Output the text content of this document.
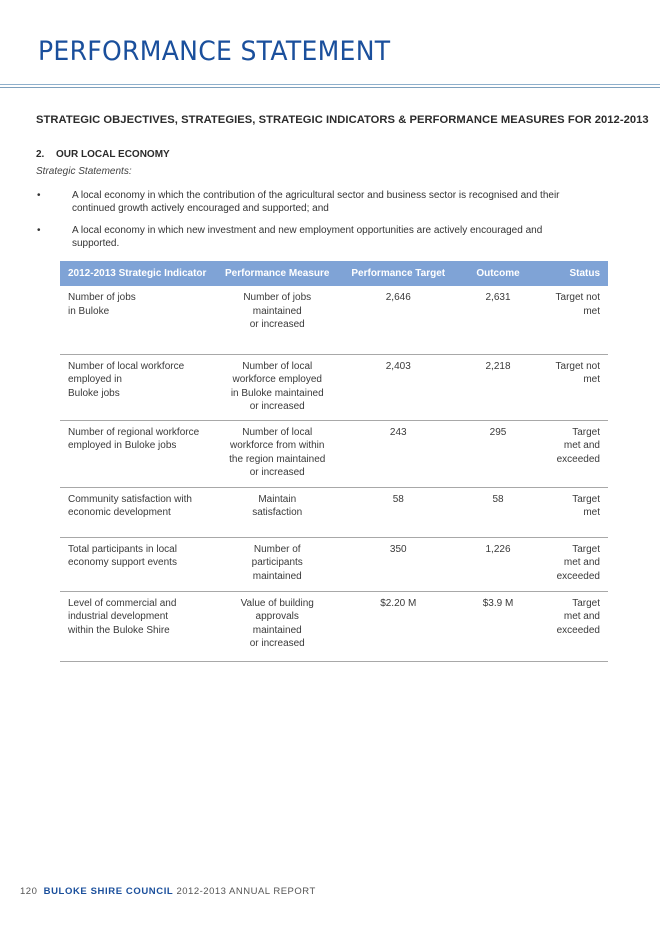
PERFORMANCE STATEMENT
STRATEGIC OBJECTIVES, STRATEGIES, STRATEGIC INDICATORS & PERFORMANCE MEASURES FOR 2012-2013
2. OUR LOCAL ECONOMY

Strategic Statements:

•	A local economy in which the contribution of the agricultural sector and business sector is recognised and their
continued growth actively encouraged and supported; and
•	A local economy in which new investment and new employment opportunities are actively encouraged and
supported.
2012-2013 Strategic Indicator	Performance Measure	Performance Target	Outcome	Status

Number of jobs
in Buloke	Number of jobs
maintained
or increased	2,646	2,631	Target not
met

Number of local workforce
employed in
Buloke jobs	Number of local
workforce employed
in Buloke maintained
or increased	2,403	2,218	Target not
met

Number of regional workforce
employed in Buloke jobs	Number of local
workforce from within
the region maintained
or increased	243	295	Target
met and
exceeded

Community satisfaction with
economic development	Maintain
satisfaction	58	58	Target
met

Total participants in local
economy support events	Number of
participants
maintained	350	1,226	Target
met and
exceeded

Level of commercial and
industrial development
within the Buloke Shire	Value of building
approvals
maintained
or increased	$2.20 M	$3.9 M	Target
met and
exceeded
120 BULOKE SHIRE COUNCIL 2012-2013 ANNUAL REPORT
